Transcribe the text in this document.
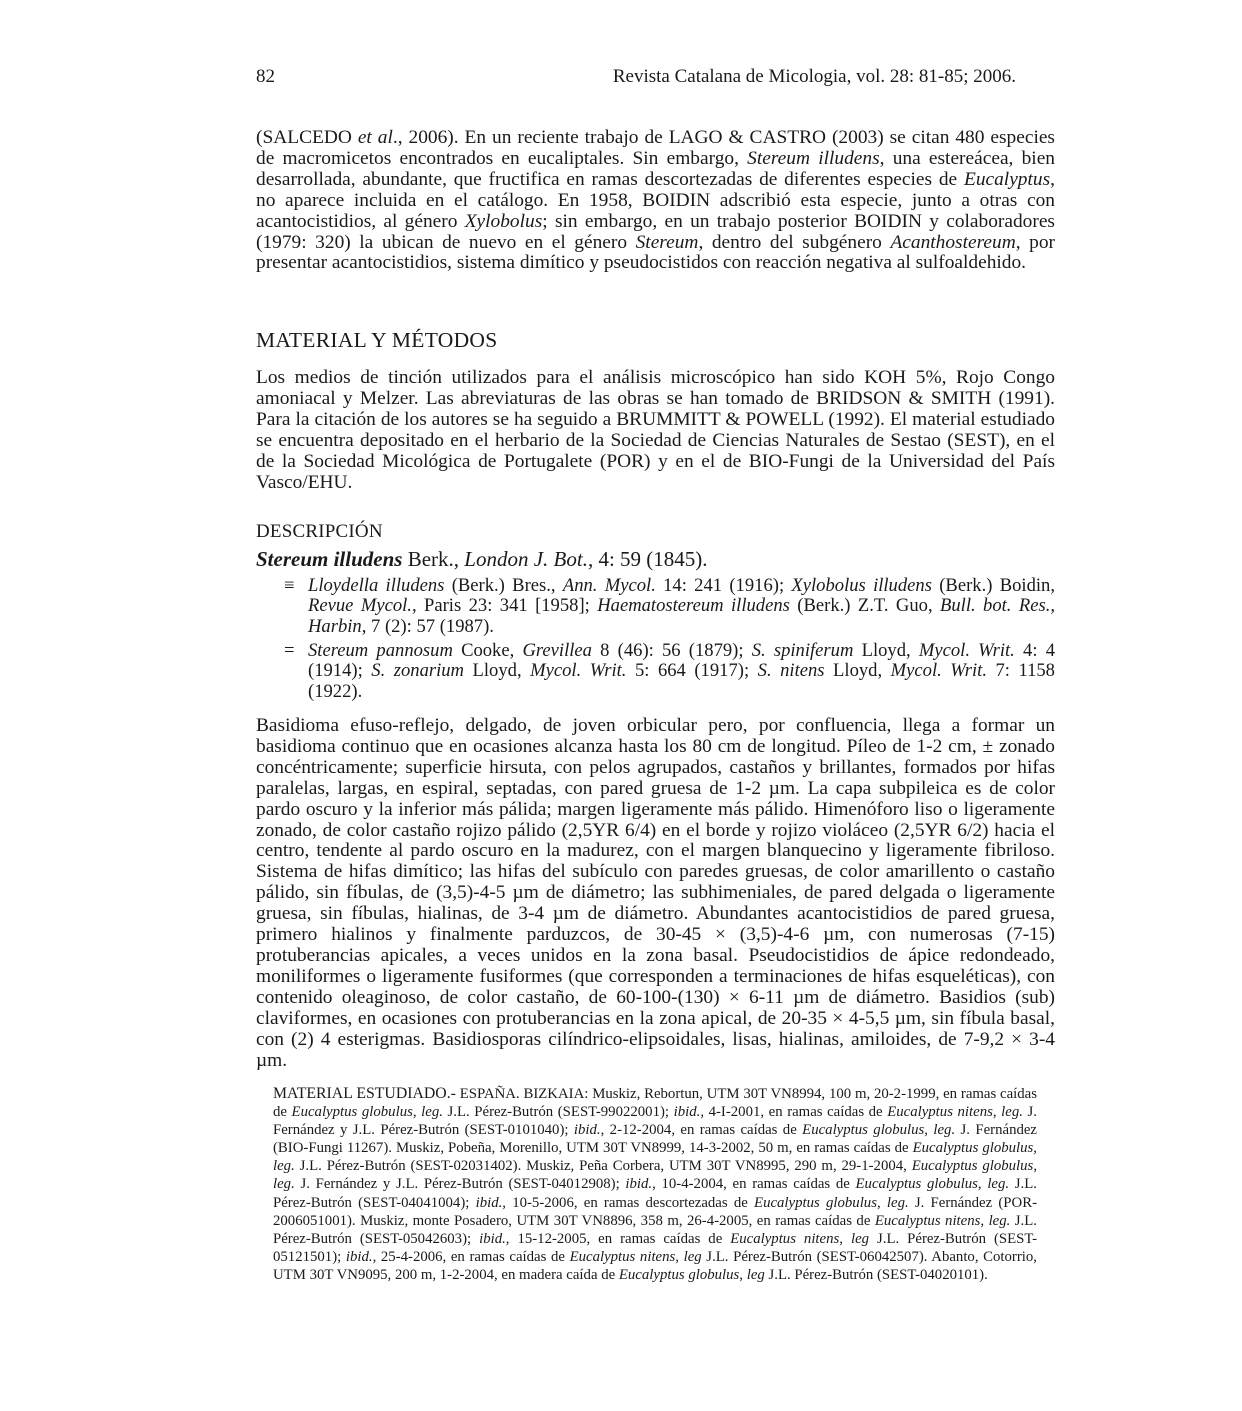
82	Revista Catalana de Micologia, vol. 28: 81-85; 2006.

(SALCEDO et al., 2006). En un reciente trabajo de LAGO & CASTRO (2003) se citan 480 especies de macromicetos encontrados en eucaliptales. Sin embargo, Stereum illudens, una estereácea, bien desarrollada, abundante, que fructifica en ramas descortezadas de diferentes especies de Eucalyptus, no aparece incluida en el catálogo. En 1958, BOIDIN adscribió esta especie, junto a otras con acantocistidios, al género Xylobolus; sin embargo, en un trabajo posterior BOIDIN y colaboradores (1979: 320) la ubican de nuevo en el género Stereum, dentro del subgénero Acanthostereum, por presentar acantocistidios, sistema dimítico y pseudocistidos con reacción negativa al sulfoaldehido.

MATERIAL Y MÉTODOS

Los medios de tinción utilizados para el análisis microscópico han sido KOH 5%, Rojo Congo amoniacal y Melzer. Las abreviaturas de las obras se han tomado de BRIDSON & SMITH (1991). Para la citación de los autores se ha seguido a BRUMMITT & POWELL (1992). El material estudiado se encuentra depositado en el herbario de la Sociedad de Ciencias Naturales de Sestao (SEST), en el de la Sociedad Micológica de Portugalete (POR) y en el de BIO-Fungi de la Universidad del País Vasco/EHU.

DESCRIPCIÓN
Stereum illudens Berk., London J. Bot., 4: 59 (1845).
≡ Lloydella illudens (Berk.) Bres., Ann. Mycol. 14: 241 (1916); Xylobolus illudens (Berk.) Boidin, Revue Mycol., Paris 23: 341 [1958]; Haematostereum illudens (Berk.) Z.T. Guo, Bull. bot. Res., Harbin, 7 (2): 57 (1987).
= Stereum pannosum Cooke, Grevillea 8 (46): 56 (1879); S. spiniferum Lloyd, Mycol. Writ. 4: 4 (1914); S. zonarium Lloyd, Mycol. Writ. 5: 664 (1917); S. nitens Lloyd, Mycol. Writ. 7: 1158 (1922).

Basidioma efuso-reflejo, delgado, de joven orbicular pero, por confluencia, llega a formar un basidioma continuo que en ocasiones alcanza hasta los 80 cm de longitud. Píleo de 1-2 cm, ± zonado concéntricamente; superficie hirsuta, con pelos agrupados, castaños y brillantes, formados por hifas paralelas, largas, en espiral, septadas, con pared gruesa de 1-2 µm. La capa subpileica es de color pardo oscuro y la inferior más pálida; margen ligeramente más pálido. Himenóforo liso o ligeramente zonado, de color castaño rojizo pálido (2,5YR 6/4) en el borde y rojizo violáceo (2,5YR 6/2) hacia el centro, tendente al pardo oscuro en la madurez, con el margen blanquecino y ligeramente fibriloso. Sistema de hifas dimítico; las hifas del subículo con paredes gruesas, de color amarillento o castaño pálido, sin fíbulas, de (3,5)-4-5 µm de diámetro; las subhimeniales, de pared delgada o ligeramente gruesa, sin fíbulas, hialinas, de 3-4 µm de diámetro. Abundantes acantocistidios de pared gruesa, primero hialinos y finalmente parduzcos, de 30-45 × (3,5)-4-6 µm, con numerosas (7-15) protuberancias apicales, a veces unidos en la zona basal. Pseudocistidios de ápice redondeado, moniliformes o ligeramente fusiformes (que corresponden a terminaciones de hifas esqueléticas), con contenido oleaginoso, de color castaño, de 60-100-(130) × 6-11 µm de diámetro. Basidios (sub) claviformes, en ocasiones con protuberancias en la zona apical, de 20-35 × 4-5,5 µm, sin fíbula basal, con (2) 4 esterigmas. Basidiosporas cilíndrico-elipsoidales, lisas, hialinas, amiloides, de 7-9,2 × 3-4 µm.

MATERIAL ESTUDIADO.- ESPAÑA. BIZKAIA: Muskiz, Rebortun, UTM 30T VN8994, 100 m, 20-2-1999, en ramas caídas de Eucalyptus globulus, leg. J.L. Pérez-Butrón (SEST-99022001); ibid., 4-I-2001, en ramas caídas de Eucalyptus nitens, leg. J. Fernández y J.L. Pérez-Butrón (SEST-0101040); ibid., 2-12-2004, en ramas caídas de Eucalyptus globulus, leg. J. Fernández (BIO-Fungi 11267). Muskiz, Pobeña, Morenillo, UTM 30T VN8999, 14-3-2002, 50 m, en ramas caídas de Eucalyptus globulus, leg. J.L. Pérez-Butrón (SEST-02031402). Muskiz, Peña Corbera, UTM 30T VN8995, 290 m, 29-1-2004, Eucalyptus globulus, leg. J. Fernández y J.L. Pérez-Butrón (SEST-04012908); ibid., 10-4-2004, en ramas caídas de Eucalyptus globulus, leg. J.L. Pérez-Butrón (SEST-04041004); ibid., 10-5-2006, en ramas descortezadas de Eucalyptus globulus, leg. J. Fernández (POR-2006051001). Muskiz, monte Posadero, UTM 30T VN8896, 358 m, 26-4-2005, en ramas caídas de Eucalyptus nitens, leg. J.L. Pérez-Butrón (SEST-05042603); ibid., 15-12-2005, en ramas caídas de Eucalyptus nitens, leg J.L. Pérez-Butrón (SEST-05121501); ibid., 25-4-2006, en ramas caídas de Eucalyptus nitens, leg J.L. Pérez-Butrón (SEST-06042507). Abanto, Cotorrio, UTM 30T VN9095, 200 m, 1-2-2004, en madera caída de Eucalyptus globulus, leg J.L. Pérez-Butrón (SEST-04020101).
